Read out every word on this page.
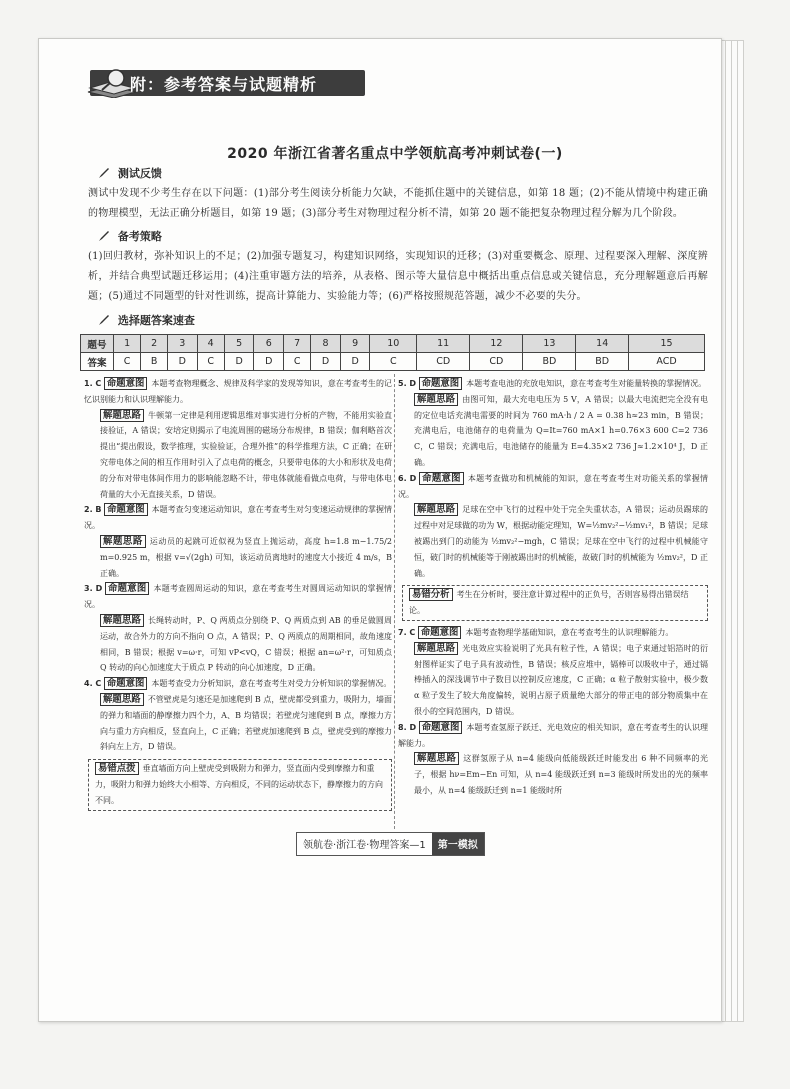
附：参考答案与试题精析
2020 年浙江省著名重点中学领航高考冲刺试卷(一)
测试反馈
测试中发现不少考生存在以下问题：(1)部分考生阅读分析能力欠缺，不能抓住题中的关键信息，如第 18 题；(2)不能从情境中构建正确的物理模型，无法正确分析题目，如第 19 题；(3)部分考生对物理过程分析不清，如第 20 题不能把复杂物理过程分解为几个阶段。
备考策略
(1)回归教材，弥补知识上的不足；(2)加强专题复习，构建知识网络，实现知识的迁移；(3)对重要概念、原理、过程要深入理解、深度辨析，并结合典型试题迁移运用；(4)注重审题方法的培养，从表格、图示等大量信息中概括出重点信息或关键信息，充分理解题意后再解题；(5)通过不同题型的针对性训练，提高计算能力、实验能力等；(6)严格按照规范答题，减少不必要的失分。
选择题答案速查
题号	1	2	3	4	5	6	7	8	9	10	11	12	13	14	15
答案	C	B	D	C	D	D	C	D	D	C	CD	CD	BD	BD	ACD

1. C 命题意图 本题考查物理概念、规律及科学家的发现等知识，意在考查考生的记忆识别能力和认识理解能力。

解题思路 牛顿第一定律是利用逻辑思维对事实进行分析的产物，不能用实验直接验证，A 错误；安培定则揭示了电流周围的磁场分布规律，B 错误；伽利略首次提出“提出假设，数学推理，实验验证，合理外推”的科学推理方法，C 正确；在研究带电体之间的相互作用时引入了点电荷的概念，只要带电体的大小和形状及电荷的分布对带电体间作用力的影响能忽略不计，带电体就能看做点电荷，与带电体电荷量的大小无直接关系，D 错误。

2. B 命题意图 本题考查匀变速运动知识，意在考查考生对匀变速运动规律的掌握情况。

解题思路 运动员的起跳可近似视为竖直上抛运动，高度 h=1.8 m−1.75/2 m=0.925 m，根据 v=√(2gh) 可知，该运动员离地时的速度大小接近 4 m/s，B 正确。

3. D 命题意图 本题考查圆周运动的知识，意在考查考生对圆周运动知识的掌握情况。

解题思路 长绳转动时，P、Q 两质点分别绕 P、Q 两质点到 AB 的垂足做圆周运动，故合外力的方向不指向 O 点，A 错误；P、Q 两质点的周期相同，故角速度相同，B 错误；根据 v=ω·r，可知 vP<vQ，C 错误；根据 an=ω²·r，可知质点 Q 转动的向心加速度大于质点 P 转动的向心加速度，D 正确。

4. C 命题意图 本题考查受力分析知识，意在考查考生对受力分析知识的掌握情况。

解题思路 不管壁虎是匀速还是加速爬到 B 点，壁虎都受到重力，吸附力，墙面的弹力和墙面的静摩擦力四个力，A、B 均错误；若壁虎匀速爬到 B 点，摩擦力方向与重力方向相反，竖直向上，C 正确；若壁虎加速爬到 B 点，壁虎受到的摩擦力斜向左上方，D 错误。

易错点拨 垂直墙面方向上壁虎受到吸附力和弹力，竖直面内受到摩擦力和重力，吸附力和弹力始终大小相等、方向相反，不同的运动状态下，静摩擦力的方向不同。

5. D 命题意图 本题考查电池的充放电知识，意在考查考生对能量转换的掌握情况。

解题思路 由图可知，最大充电电压为 5 V，A 错误；以最大电流把完全没有电的定位电话充满电需要的时间为 760 mA·h / 2 A = 0.38 h≈23 min，B 错误；充满电后，电池储存的电荷量为 Q=It=760 mA×1 h=0.76×3 600 C=2 736 C，C 错误；充满电后，电池储存的能量为 E=4.35×2 736 J≈1.2×10⁴ J，D 正确。

6. D 命题意图 本题考查做功和机械能的知识，意在考查考生对功能关系的掌握情况。

解题思路 足球在空中飞行的过程中处于完全失重状态，A 错误；运动员踢球的过程中对足球做的功为 W，根据动能定理知，W=½mv₂²−½mv₁²，B 错误；足球被踢出到门的动能为 ½mv₂²−mgh，C 错误；足球在空中飞行的过程中机械能守恒，破门时的机械能等于刚被踢出时的机械能，故破门时的机械能为 ½mv₂²，D 正确。

易错分析 考生在分析时，要注意计算过程中的正负号，否则容易得出错误结论。

7. C 命题意图 本题考查物理学基础知识，意在考查考生的认识理解能力。

解题思路 光电效应实验说明了光具有粒子性，A 错误；电子束通过铝箔时的衍射图样证实了电子具有波动性，B 错误；核反应堆中，镉棒可以吸收中子，通过镉棒插入的深浅调节中子数目以控制反应速度，C 正确；α 粒子散射实验中，极少数 α 粒子发生了较大角度偏转，说明占原子质量绝大部分的带正电的部分物质集中在很小的空间范围内，D 错误。

8. D 命题意图 本题考查氢原子跃迁、光电效应的相关知识，意在考查考生的认识理解能力。

解题思路 这群氢原子从 n=4 能级向低能级跃迁时能发出 6 种不同频率的光子，根据 hν=Em−En 可知，从 n=4 能级跃迁到 n=3 能级时所发出的光的频率最小，从 n=4 能级跃迁到 n=1 能级时所

领航卷·浙江卷·物理答案—1	第一模拟
